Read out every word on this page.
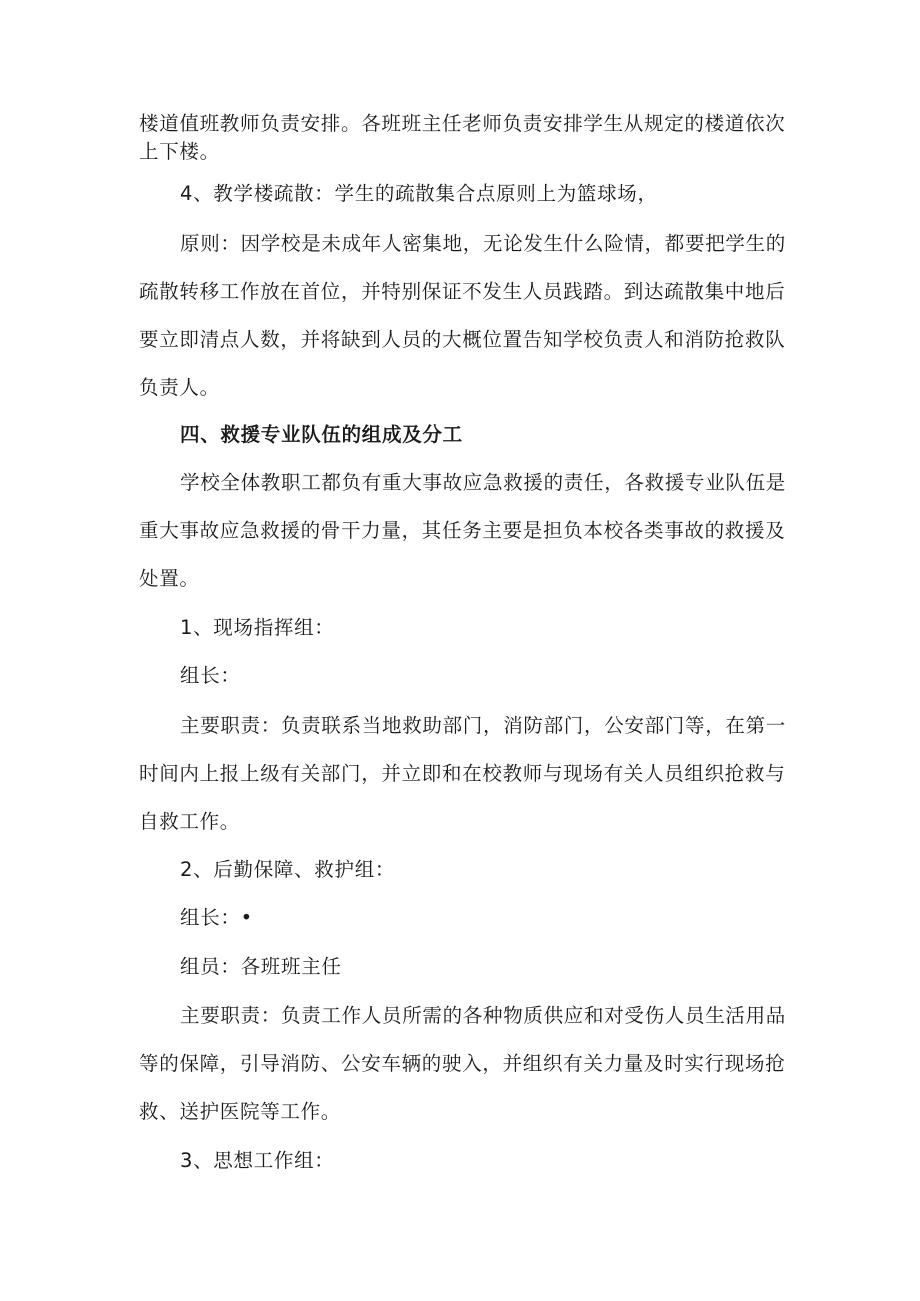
楼道值班教师负责安排。各班班主任老师负责安排学生从规定的楼道依次
上下楼。
4、教学楼疏散：学生的疏散集合点原则上为篮球场，
原则：因学校是未成年人密集地，无论发生什么险情，都要把学生的
疏散转移工作放在首位，并特别保证不发生人员践踏。到达疏散集中地后
要立即清点人数，并将缺到人员的大概位置告知学校负责人和消防抢救队
负责人。
四、救援专业队伍的组成及分工
学校全体教职工都负有重大事故应急救援的责任，各救援专业队伍是
重大事故应急救援的骨干力量，其任务主要是担负本校各类事故的救援及
处置。
1、现场指挥组：
组长：
主要职责：负责联系当地救助部门，消防部门，公安部门等，在第一
时间内上报上级有关部门，并立即和在校教师与现场有关人员组织抢救与
自救工作。
2、后勤保障、救护组：
组长：•
组员：各班班主任
主要职责：负责工作人员所需的各种物质供应和对受伤人员生活用品
等的保障，引导消防、公安车辆的驶入，并组织有关力量及时实行现场抢
救、送护医院等工作。
3、思想工作组：
